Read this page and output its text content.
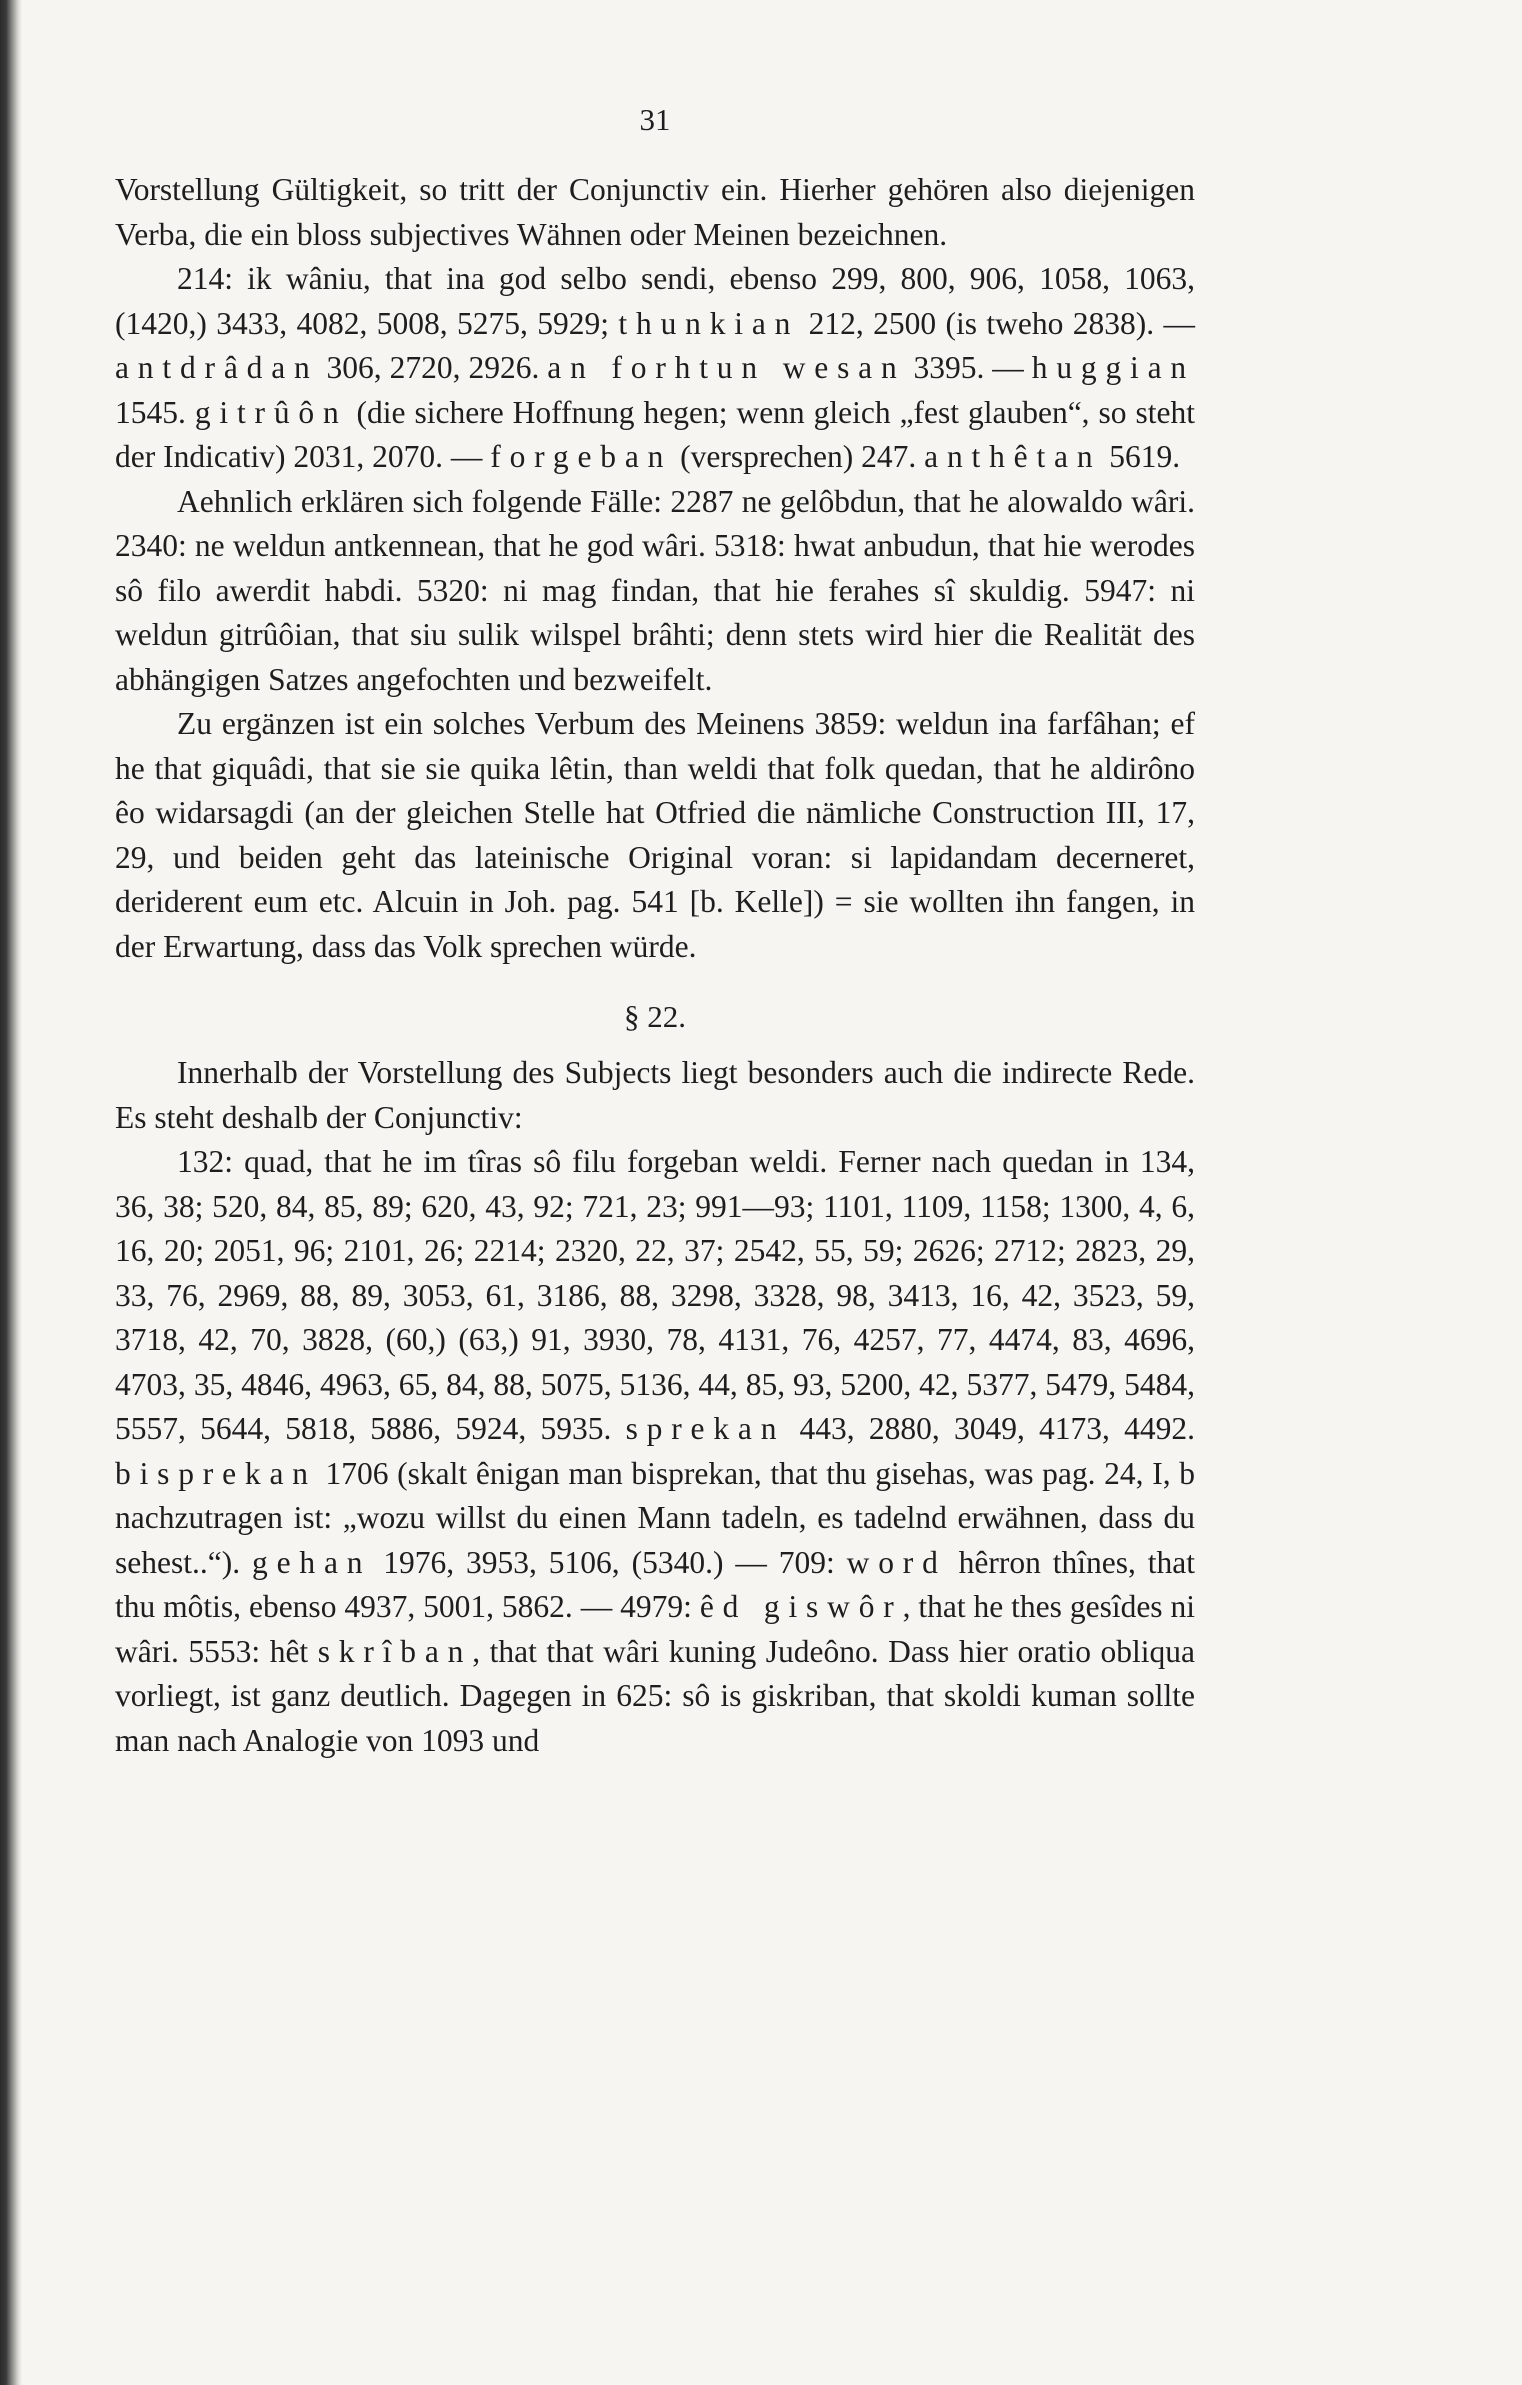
31

Vorstellung Gültigkeit, so tritt der Conjunctiv ein. Hierher gehören also diejenigen Verba, die ein bloss subjectives Wähnen oder Meinen bezeichnen.

214: ik wâniu, that ina god selbo sendi, ebenso 299, 800, 906, 1058, 1063, (1420,) 3433, 4082, 5008, 5275, 5929; thunkian 212, 2500 (is tweho 2838). — antdrâdan 306, 2720, 2926. an forhtun wesan 3395. — huggian 1545. gitrûôn (die sichere Hoffnung hegen; wenn gleich „fest glauben“, so steht der Indicativ) 2031, 2070. — forgeban (versprechen) 247. anthêtan 5619.

Aehnlich erklären sich folgende Fälle: 2287 ne gelôbdun, that he alowaldo wâri. 2340: ne weldun antkennean, that he god wâri. 5318: hwat anbudun, that hie werodes sô filo awerdit habdi. 5320: ni mag findan, that hie ferahes sî skuldig. 5947: ni weldun gitrûôian, that siu sulik wilspel brâhti; denn stets wird hier die Realität des abhängigen Satzes angefochten und bezweifelt.

Zu ergänzen ist ein solches Verbum des Meinens 3859: weldun ina farfâhan; ef he that giquâdi, that sie sie quika lêtin, than weldi that folk quedan, that he aldirôno êo widarsagdi (an der gleichen Stelle hat Otfried die nämliche Construction III, 17, 29, und beiden geht das lateinische Original voran: si lapidandam decerneret, deriderent eum etc. Alcuin in Joh. pag. 541 [b. Kelle]) = sie wollten ihn fangen, in der Erwartung, dass das Volk sprechen würde.

§ 22.

Innerhalb der Vorstellung des Subjects liegt besonders auch die indirecte Rede. Es steht deshalb der Conjunctiv:

132: quad, that he im tîras sô filu forgeban weldi. Ferner nach quedan in 134, 36, 38; 520, 84, 85, 89; 620, 43, 92; 721, 23; 991—93; 1101, 1109, 1158; 1300, 4, 6, 16, 20; 2051, 96; 2101, 26; 2214; 2320, 22, 37; 2542, 55, 59; 2626; 2712; 2823, 29, 33, 76, 2969, 88, 89, 3053, 61, 3186, 88, 3298, 3328, 98, 3413, 16, 42, 3523, 59, 3718, 42, 70, 3828, (60,) (63,) 91, 3930, 78, 4131, 76, 4257, 77, 4474, 83, 4696, 4703, 35, 4846, 4963, 65, 84, 88, 5075, 5136, 44, 85, 93, 5200, 42, 5377, 5479, 5484, 5557, 5644, 5818, 5886, 5924, 5935. sprekan 443, 2880, 3049, 4173, 4492. bisprekan 1706 (skalt ênigan man bisprekan, that thu gisehas, was pag. 24, I, b nachzutragen ist: „wozu willst du einen Mann tadeln, es tadelnd erwähnen, dass du sehest..“). gehan 1976, 3953, 5106, (5340.) — 709: word hêrron thînes, that thu môtis, ebenso 4937, 5001, 5862. — 4979: êd giswôr, that he thes gesîdes ni wâri. 5553: hêt skrîban, that that wâri kuning Judeôno. Dass hier oratio obliqua vorliegt, ist ganz deutlich. Dagegen in 625: sô is giskriban, that skoldi kuman sollte man nach Analogie von 1093 und
